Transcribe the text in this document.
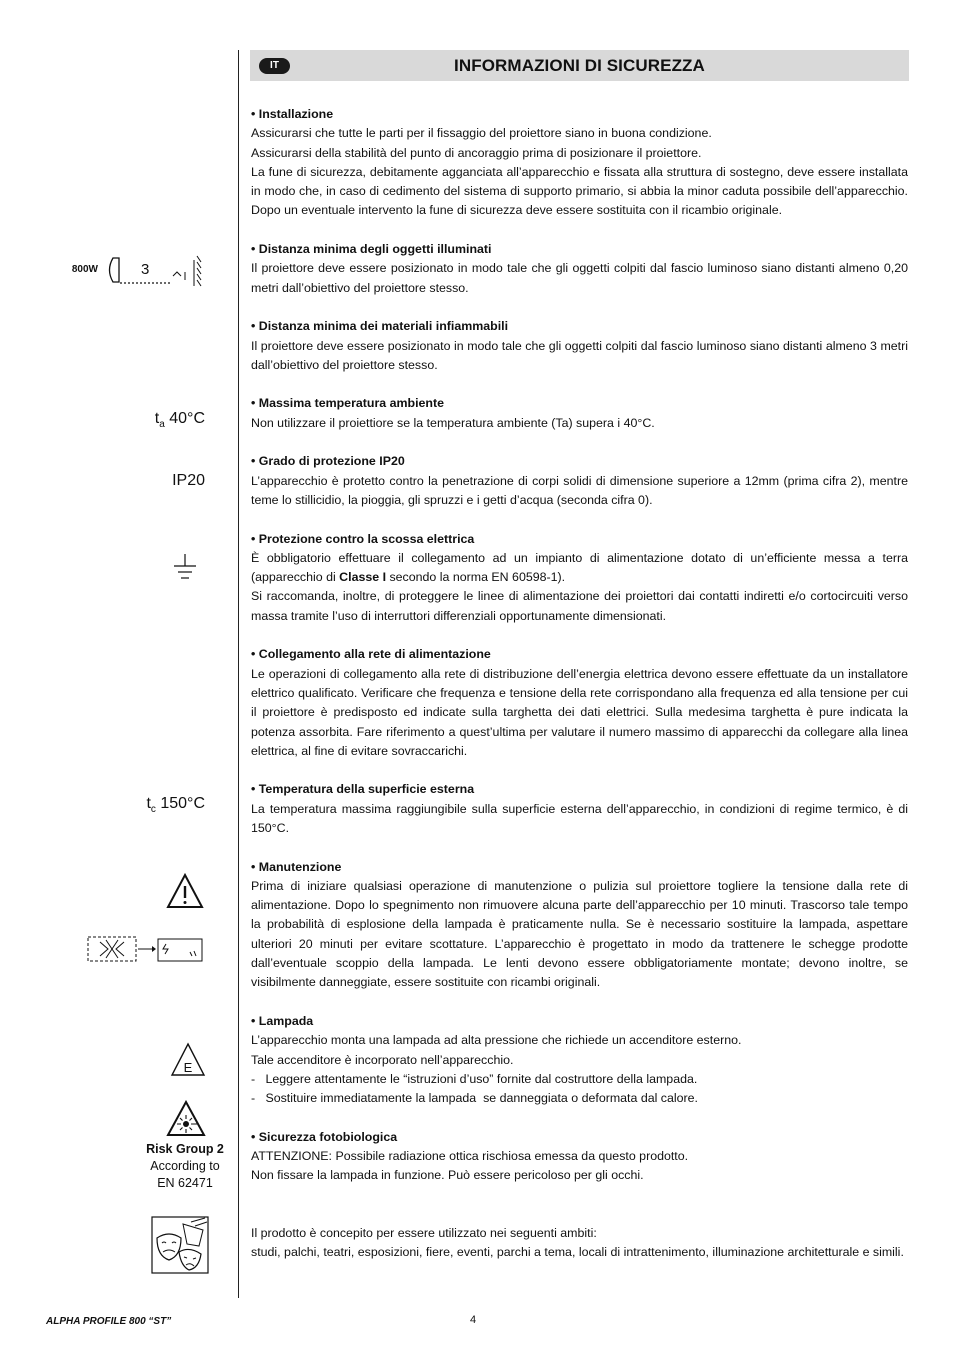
IT	INFORMAZIONI DI SICUREZZA
800W	3
$t_a$ 40°C
IP20
$t_c$ 150°C
E
Risk Group 2
According to
EN 62471

• Installazione

Assicurarsi che tutte le parti per il fissaggio del proiettore siano in buona condizione.

Assicurarsi della stabilità del punto di ancoraggio prima di posizionare il proiettore.

La fune di sicurezza, debitamente agganciata all’apparecchio e fissata alla struttura di sostegno, deve essere installata in modo che, in caso di cedimento del sistema di supporto primario, si abbia la minor caduta possibile dell’apparecchio. Dopo un eventuale intervento la fune di sicurezza deve essere sostituita con il ricambio originale.

• Distanza minima degli oggetti illuminati

Il proiettore deve essere posizionato in modo tale che gli oggetti colpiti dal fascio luminoso siano distanti almeno 0,20 metri dall’obiettivo del proiettore stesso.

• Distanza minima dei materiali infiammabili

Il proiettore deve essere posizionato in modo tale che gli oggetti colpiti dal fascio luminoso siano distanti almeno 3 metri dall’obiettivo del proiettore stesso.

• Massima temperatura ambiente

Non utilizzare il proiettiore se la temperatura ambiente (Ta) supera i 40°C.

• Grado di protezione IP20

L’apparecchio è protetto contro la penetrazione di corpi solidi di dimensione superiore a 12mm (prima cifra 2), mentre teme lo stillicidio, la pioggia, gli spruzzi e i getti d’acqua (seconda cifra 0).

• Protezione contro la scossa elettrica

È obbligatorio effettuare il collegamento ad un impianto di alimentazione dotato di un’efficiente messa a terra (apparecchio di Classe I secondo la norma EN 60598-1).

Si raccomanda, inoltre, di proteggere le linee di alimentazione dei proiettori dai contatti indiretti e/o cortocircuiti verso massa tramite l’uso di interruttori differenziali opportunamente dimensionati.

• Collegamento alla rete di alimentazione

Le operazioni di collegamento alla rete di distribuzione dell’energia elettrica devono essere effettuate da un installatore elettrico qualificato. Verificare che frequenza e tensione della rete corrispondano alla frequenza ed alla tensione per cui il proiettore è predisposto ed indicate sulla targhetta dei dati elettrici. Sulla medesima targhetta è pure indicata la potenza assorbita. Fare riferimento a quest’ultima per valutare il numero massimo di apparecchi da collegare alla linea elettrica, al fine di evitare sovraccarichi.

• Temperatura della superficie esterna

La temperatura massima raggiungibile sulla superficie esterna dell’apparecchio, in condizioni di regime termico, è di 150°C.

• Manutenzione

Prima di iniziare qualsiasi operazione di manutenzione o pulizia sul proiettore togliere la tensione dalla rete di alimentazione. Dopo lo spegnimento non rimuovere alcuna parte dell’apparecchio per 10 minuti. Trascorso tale tempo la probabilità di esplosione della lampada è praticamente nulla. Se è necessario sostituire la lampada, aspettare ulteriori 20 minuti per evitare scottature. L’apparecchio è progettato in modo da trattenere le schegge prodotte dall’eventuale scoppio della lampada. Le lenti devono essere obbligatoriamente montate; devono inoltre, se visibilmente danneggiate, essere sostituite con ricambi originali.

• Lampada

L’apparecchio monta una lampada ad alta pressione che richiede un accenditore esterno.

Tale accenditore è incorporato nell’apparecchio.

-   Leggere attentamente le “istruzioni d’uso” fornite dal costruttore della lampada.

-   Sostituire immediatamente la lampada  se danneggiata o deformata dal calore.

• Sicurezza fotobiologica

ATTENZIONE: Possibile radiazione ottica rischiosa emessa da questo prodotto.

Non fissare la lampada in funzione. Può essere pericoloso per gli occhi.

Il prodotto è concepito per essere utilizzato nei seguenti ambiti:

studi, palchi, teatri, esposizioni, fiere, eventi, parchi a tema, locali di intrattenimento, illuminazione architetturale e simili.

ALPHA PROFILE 800 “ST”	4
